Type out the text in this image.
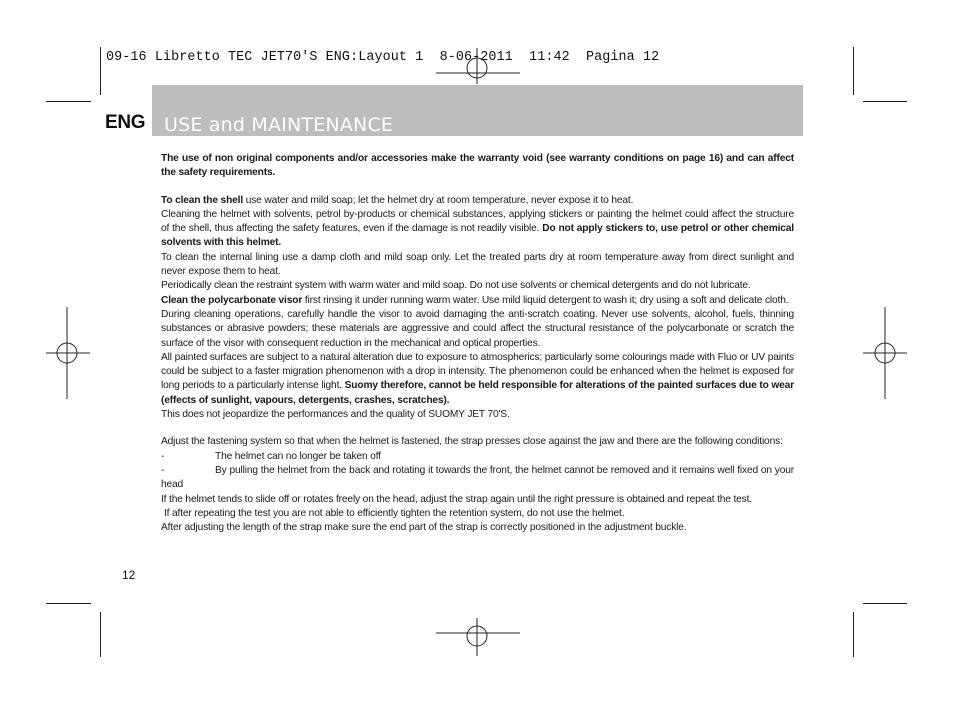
09-16 Libretto TEC JET70'S ENG:Layout 1  8-06-2011  11:42  Pagina 12
ENG USE and MAINTENANCE

The use of non original components and/or accessories make the warranty void (see warranty conditions on page 16) and can affect the safety requirements.

To clean the shell use water and mild soap; let the helmet dry at room temperature, never expose it to heat.

Cleaning the helmet with solvents, petrol by-products or chemical substances, applying stickers or painting the helmet could affect the structure of the shell, thus affecting the safety features, even if the damage is not readily visible. Do not apply stickers to, use petrol or other chemical solvents with this helmet.

To clean the internal lining use a damp cloth and mild soap only. Let the treated parts dry at room temperature away from direct sunlight and never expose them to heat.

Periodically clean the restraint system with warm water and mild soap. Do not use solvents or chemical detergents and do not lubricate.

Clean the polycarbonate visor first rinsing it under running warm water. Use mild liquid detergent to wash it; dry using a soft and delicate cloth.

During cleaning operations, carefully handle the visor to avoid damaging the anti-scratch coating. Never use solvents, alcohol, fuels, thinning substances or abrasive powders; these materials are aggressive and could affect the structural resistance of the polycarbonate or scratch the surface of the visor with consequent reduction in the mechanical and optical properties.

All painted surfaces are subject to a natural alteration due to exposure to atmospherics; particularly some colourings made with Fluo or UV paints could be subject to a faster migration phenomenon with a drop in intensity. The phenomenon could be enhanced when the helmet is exposed for long periods to a particularly intense light. Suomy therefore, cannot be held responsible for alterations of the painted surfaces due to wear (effects of sunlight, vapours, detergents, crashes, scratches).

This does not jeopardize the performances and the quality of SUOMY JET 70'S.

Adjust the fastening system so that when the helmet is fastened, the strap presses close against the jaw and there are the following conditions:

-	The helmet can no longer be taken off

-	By pulling the helmet from the back and rotating it towards the front, the helmet cannot be removed and it remains well fixed on your head

If the helmet tends to slide off or rotates freely on the head, adjust the strap again until the right pressure is obtained and repeat the test.

If after repeating the test you are not able to efficiently tighten the retention system, do not use the helmet.

After adjusting the length of the strap make sure the end part of the strap is correctly positioned in the adjustment buckle.

12
